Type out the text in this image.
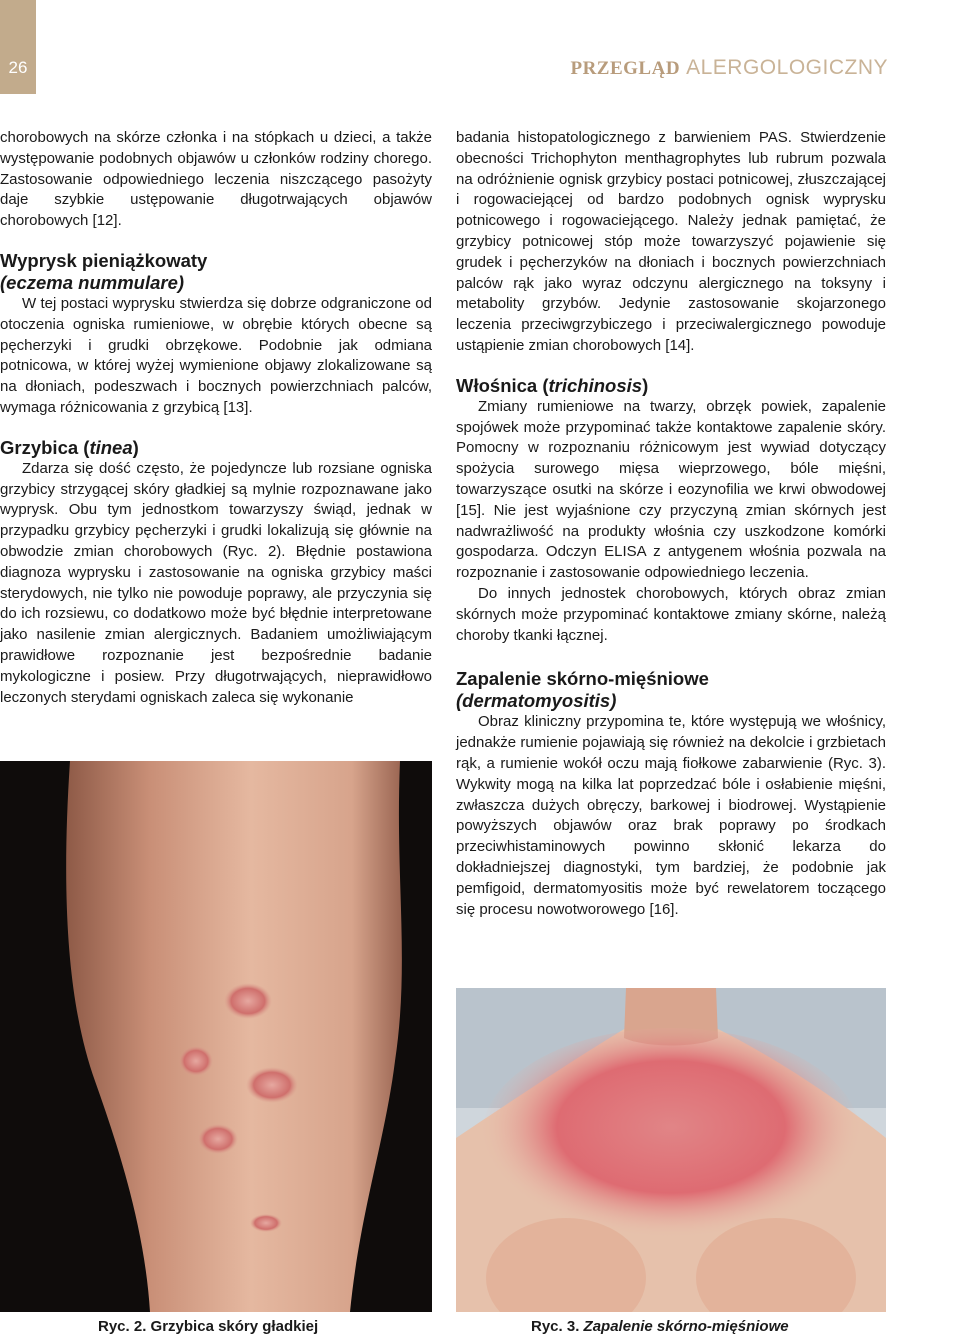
26	PRZEGLĄD ALERGOLOGICZNY

chorobowych na skórze członka i na stópkach u dzieci, a także występowanie podobnych objawów u członków rodziny chorego. Zastosowanie odpowiedniego leczenia niszczącego pasożyty daje szybkie ustępowanie długotrwających objawów chorobowych [12].

Wyprysk pieniążkowaty
(eczema nummulare)

W tej postaci wyprysku stwierdza się dobrze odgraniczone od otoczenia ogniska rumieniowe, w obrębie których obecne są pęcherzyki i grudki obrzękowe. Podobnie jak odmiana potnicowa, w której wyżej wymienione objawy zlokalizowane są na dłoniach, podeszwach i bocznych powierzchniach palców, wymaga różnicowania z grzybicą [13].

Grzybica (tinea)

Zdarza się dość często, że pojedyncze lub rozsiane ogniska grzybicy strzygącej skóry gładkiej są mylnie rozpoznawane jako wyprysk. Obu tym jednostkom towarzyszy świąd, jednak w przypadku grzybicy pęcherzyki i grudki lokalizują się głównie na obwodzie zmian chorobowych (Ryc. 2). Błędnie postawiona diagnoza wyprysku i zastosowanie na ogniska grzybicy maści sterydowych, nie tylko nie powoduje poprawy, ale przyczynia się do ich rozsiewu, co dodatkowo może być błędnie interpretowane jako nasilenie zmian alergicznych. Badaniem umożliwiającym prawidłowe rozpoznanie jest bezpośrednie badanie mykologiczne i posiew. Przy długotrwających, nieprawidłowo leczonych sterydami ogniskach zaleca się wykonanie

badania histopatologicznego z barwieniem PAS. Stwierdzenie obecności Trichophyton menthagrophytes lub rubrum pozwala na odróżnienie ognisk grzybicy postaci potnicowej, złuszczającej i rogowaciejącej od bardzo podobnych ognisk wyprysku potnicowego i rogowaciejącego. Należy jednak pamiętać, że grzybicy potnicowej stóp może towarzyszyć pojawienie się grudek i pęcherzyków na dłoniach i bocznych powierzchniach palców rąk jako wyraz odczynu alergicznego na toksyny i metabolity grzybów. Jedynie zastosowanie skojarzonego leczenia przeciwgrzybiczego i przeciwalergicznego powoduje ustąpienie zmian chorobowych [14].

Włośnica (trichinosis)

Zmiany rumieniowe na twarzy, obrzęk powiek, zapalenie spojówek może przypominać także kontaktowe zapalenie skóry. Pomocny w rozpoznaniu różnicowym jest wywiad dotyczący spożycia surowego mięsa wieprzowego, bóle mięśni, towarzyszące osutki na skórze i eozynofilia we krwi obwodowej [15]. Nie jest wyjaśnione czy przyczyną zmian skórnych jest nadwrażliwość na produkty włośnia czy uszkodzone komórki gospodarza. Odczyn ELISA z antygenem włośnia pozwala na rozpoznanie i zastosowanie odpowiedniego leczenia.

Do innych jednostek chorobowych, których obraz zmian skórnych może przypominać kontaktowe zmiany skórne, należą choroby tkanki łącznej.

Zapalenie skórno-mięśniowe
(dermatomyositis)

Obraz kliniczny przypomina te, które występują we włośnicy, jednakże rumienie pojawiają się również na dekolcie i grzbietach rąk, a rumienie wokół oczu mają fiołkowe zabarwienie (Ryc. 3). Wykwity mogą na kilka lat poprzedzać bóle i osłabienie mięśni, zwłaszcza dużych obręczy, barkowej i biodrowej. Wystąpienie powyższych objawów oraz brak poprawy po środkach przeciwhistaminowych powinno skłonić lekarza do dokładniejszej diagnostyki, tym bardziej, że podobnie jak pemfigoid, dermatomyositis może być rewelatorem toczącego się procesu nowotworowego [16].

Ryc. 2. Grzybica skóry gładkiej	Ryc. 3. Zapalenie skórno-mięśniowe
